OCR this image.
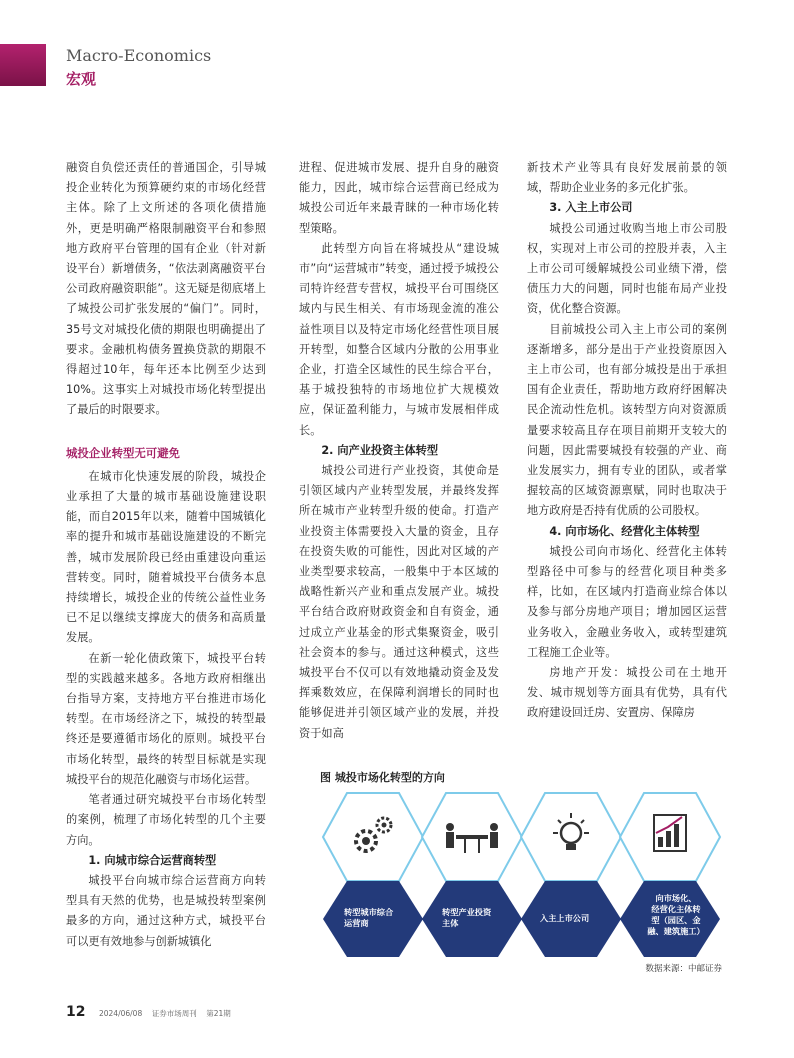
Macro-Economics
宏观

融资自负偿还责任的普通国企，引导城投企业转化为预算硬约束的市场化经营主体。除了上文所述的各项化债措施外，更是明确严格限制融资平台和参照地方政府平台管理的国有企业（针对新设平台）新增债务，“依法剥离融资平台公司政府融资职能”。这无疑是彻底堵上了城投公司扩张发展的“偏门”。同时，35号文对城投化债的期限也明确提出了要求。金融机构债务置换贷款的期限不得超过10年，每年还本比例至少达到10%。这事实上对城投市场化转型提出了最后的时限要求。

城投企业转型无可避免

在城市化快速发展的阶段，城投企业承担了大量的城市基础设施建设职能，而自2015年以来，随着中国城镇化率的提升和城市基础设施建设的不断完善，城市发展阶段已经由重建设向重运营转变。同时，随着城投平台债务本息持续增长，城投企业的传统公益性业务已不足以继续支撑庞大的债务和高质量发展。

在新一轮化债政策下，城投平台转型的实践越来越多。各地方政府相继出台指导方案，支持地方平台推进市场化转型。在市场经济之下，城投的转型最终还是要遵循市场化的原则。城投平台市场化转型，最终的转型目标就是实现城投平台的规范化融资与市场化运营。

笔者通过研究城投平台市场化转型的案例，梳理了市场化转型的几个主要方向。

1. 向城市综合运营商转型

城投平台向城市综合运营商方向转型具有天然的优势，也是城投转型案例最多的方向，通过这种方式，城投平台可以更有效地参与创新城镇化

进程、促进城市发展、提升自身的融资能力，因此，城市综合运营商已经成为城投公司近年来最青睐的一种市场化转型策略。

此转型方向旨在将城投从“建设城市”向“运营城市”转变，通过授予城投公司特许经营专营权，城投平台可围绕区域内与民生相关、有市场现金流的准公益性项目以及特定市场化经营性项目展开转型，如整合区域内分散的公用事业企业，打造全区域性的民生综合平台，基于城投独特的市场地位扩大规模效应，保证盈利能力，与城市发展相伴成长。

2. 向产业投资主体转型

城投公司进行产业投资，其使命是引领区域内产业转型发展，并最终发挥所在城市产业转型升级的使命。打造产业投资主体需要投入大量的资金，且存在投资失败的可能性，因此对区域的产业类型要求较高，一般集中于本区域的战略性新兴产业和重点发展产业。城投平台结合政府财政资金和自有资金，通过成立产业基金的形式集聚资金，吸引社会资本的参与。通过这种模式，这些城投平台不仅可以有效地撬动资金及发挥乘数效应，在保障利润增长的同时也能够促进并引领区域产业的发展，并投资于如高

新技术产业等具有良好发展前景的领域，帮助企业业务的多元化扩张。

3. 入主上市公司

城投公司通过收购当地上市公司股权，实现对上市公司的控股并表，入主上市公司可缓解城投公司业绩下滑，偿债压力大的问题，同时也能布局产业投资，优化整合资源。

目前城投公司入主上市公司的案例逐渐增多，部分是出于产业投资原因入主上市公司，也有部分城投是出于承担国有企业责任，帮助地方政府纾困解决民企流动性危机。该转型方向对资源质量要求较高且存在项目前期开支较大的问题，因此需要城投有较强的产业、商业发展实力，拥有专业的团队，或者掌握较高的区域资源禀赋，同时也取决于地方政府是否持有优质的公司股权。

4. 向市场化、经营化主体转型

城投公司向市场化、经营化主体转型路径中可参与的经营化项目种类多样，比如，在区域内打造商业综合体以及参与部分房地产项目；增加园区运营业务收入，金融业务收入，或转型建筑工程施工企业等。

房地产开发：城投公司在土地开发、城市规划等方面具有优势，具有代政府建设回迁房、安置房、保障房

图 城投市场化转型的方向
转型城市综合
运营商
转型产业投资
主体	入主上市公司
向市场化、
经营化主体转
型（园区、金
融、建筑施工）
数据来源：中邮证券
12 2024/06/08 证券市场周刊 第21期
